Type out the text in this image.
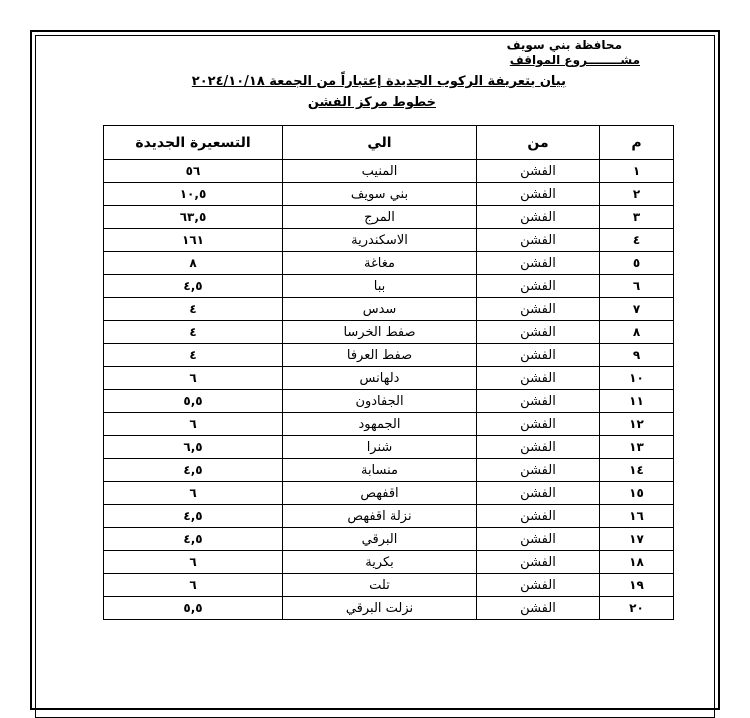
محافظة بني سويف
مشــــــــروع المواقف
بيان بتعريفة الركوب الجديدة إعتباراً من الجمعة ٢٠٢٤/١٠/١٨
خطوط مركز الفشن
م	من	الي	التسعيرة الجديدة
١	الفشن	المنيب	٥٦
٢	الفشن	بني سويف	١٠,٥
٣	الفشن	المرج	٦٣,٥
٤	الفشن	الاسكندرية	١٦١
٥	الفشن	مغاغة	٨
٦	الفشن	ببا	٤,٥
٧	الفشن	سدس	٤
٨	الفشن	صفط الخرسا	٤
٩	الفشن	صفط العرفا	٤
١٠	الفشن	دلهانس	٦
١١	الفشن	الجفادون	٥,٥
١٢	الفشن	الجمهود	٦
١٣	الفشن	شنرا	٦,٥
١٤	الفشن	منسابة	٤,٥
١٥	الفشن	اقفهص	٦
١٦	الفشن	نزلة اقفهص	٤,٥
١٧	الفشن	البرقي	٤,٥
١٨	الفشن	بكرية	٦
١٩	الفشن	تلت	٦
٢٠	الفشن	نزلت البرقي	٥,٥
